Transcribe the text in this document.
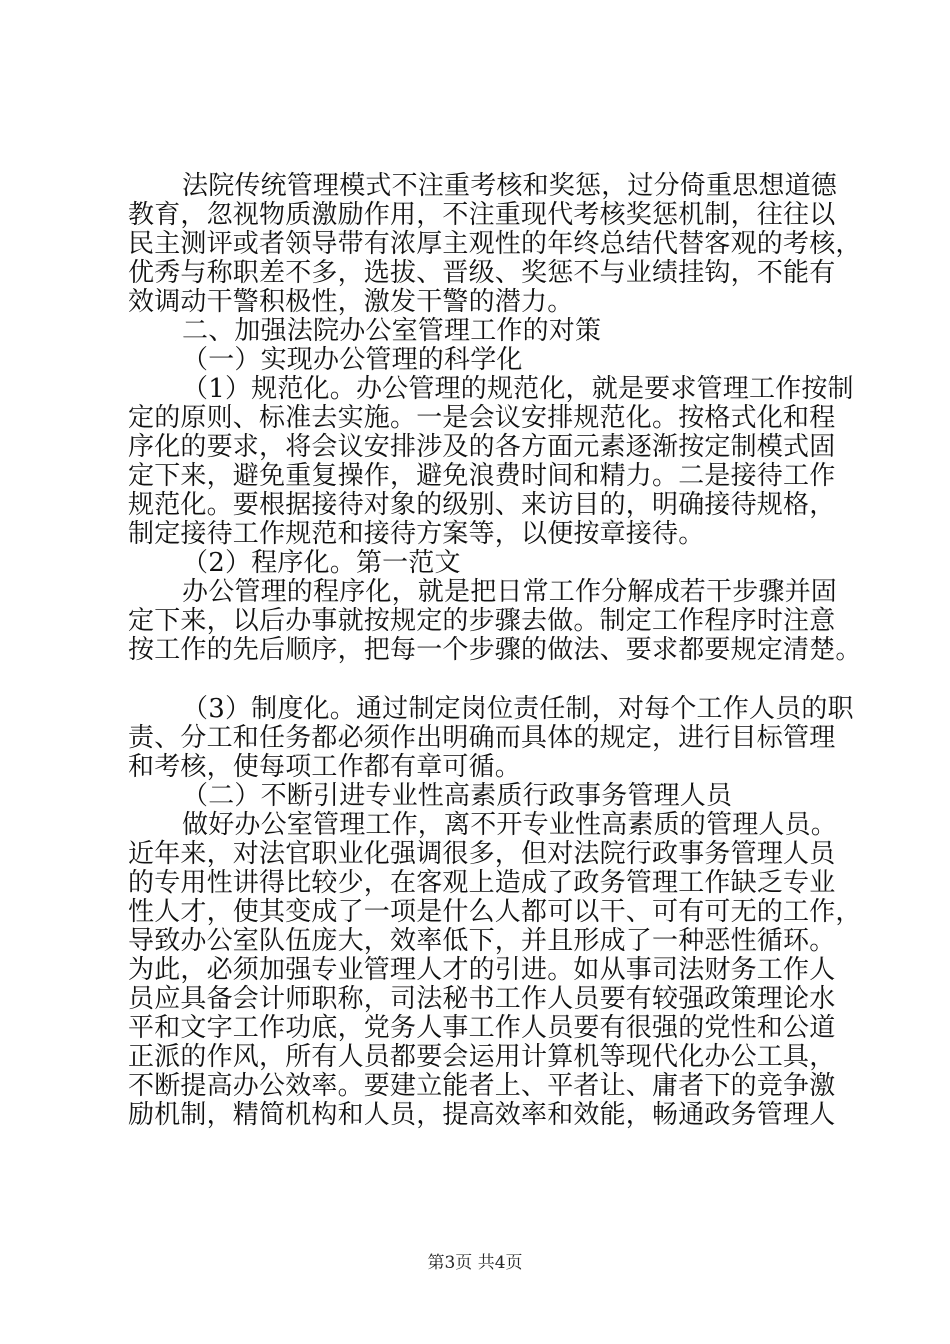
法院传统管理模式不注重考核和奖惩，过分倚重思想道德

教育，忽视物质激励作用，不注重现代考核奖惩机制，往往以

民主测评或者领导带有浓厚主观性的年终总结代替客观的考核，

优秀与称职差不多，选拔、晋级、奖惩不与业绩挂钩，不能有

效调动干警积极性，激发干警的潜力。

二、加强法院办公室管理工作的对策

（一）实现办公管理的科学化

（1）规范化。办公管理的规范化，就是要求管理工作按制

定的原则、标准去实施。一是会议安排规范化。按格式化和程

序化的要求，将会议安排涉及的各方面元素逐渐按定制模式固

定下来，避免重复操作，避免浪费时间和精力。二是接待工作

规范化。要根据接待对象的级别、来访目的，明确接待规格，

制定接待工作规范和接待方案等，以便按章接待。

（2）程序化。第一范文

办公管理的程序化，就是把日常工作分解成若干步骤并固

定下来，以后办事就按规定的步骤去做。制定工作程序时注意

按工作的先后顺序，把每一个步骤的做法、要求都要规定清楚。

（3）制度化。通过制定岗位责任制，对每个工作人员的职

责、分工和任务都必须作出明确而具体的规定，进行目标管理

和考核，使每项工作都有章可循。

（二）不断引进专业性高素质行政事务管理人员

做好办公室管理工作，离不开专业性高素质的管理人员。

近年来，对法官职业化强调很多，但对法院行政事务管理人员

的专用性讲得比较少，在客观上造成了政务管理工作缺乏专业

性人才，使其变成了一项是什么人都可以干、可有可无的工作，

导致办公室队伍庞大，效率低下，并且形成了一种恶性循环。

为此，必须加强专业管理人才的引进。如从事司法财务工作人

员应具备会计师职称，司法秘书工作人员要有较强政策理论水

平和文字工作功底，党务人事工作人员要有很强的党性和公道

正派的作风，所有人员都要会运用计算机等现代化办公工具，

不断提高办公效率。要建立能者上、平者让、庸者下的竞争激

励机制，精简机构和人员，提高效率和效能，畅通政务管理人

第3页 共4页
